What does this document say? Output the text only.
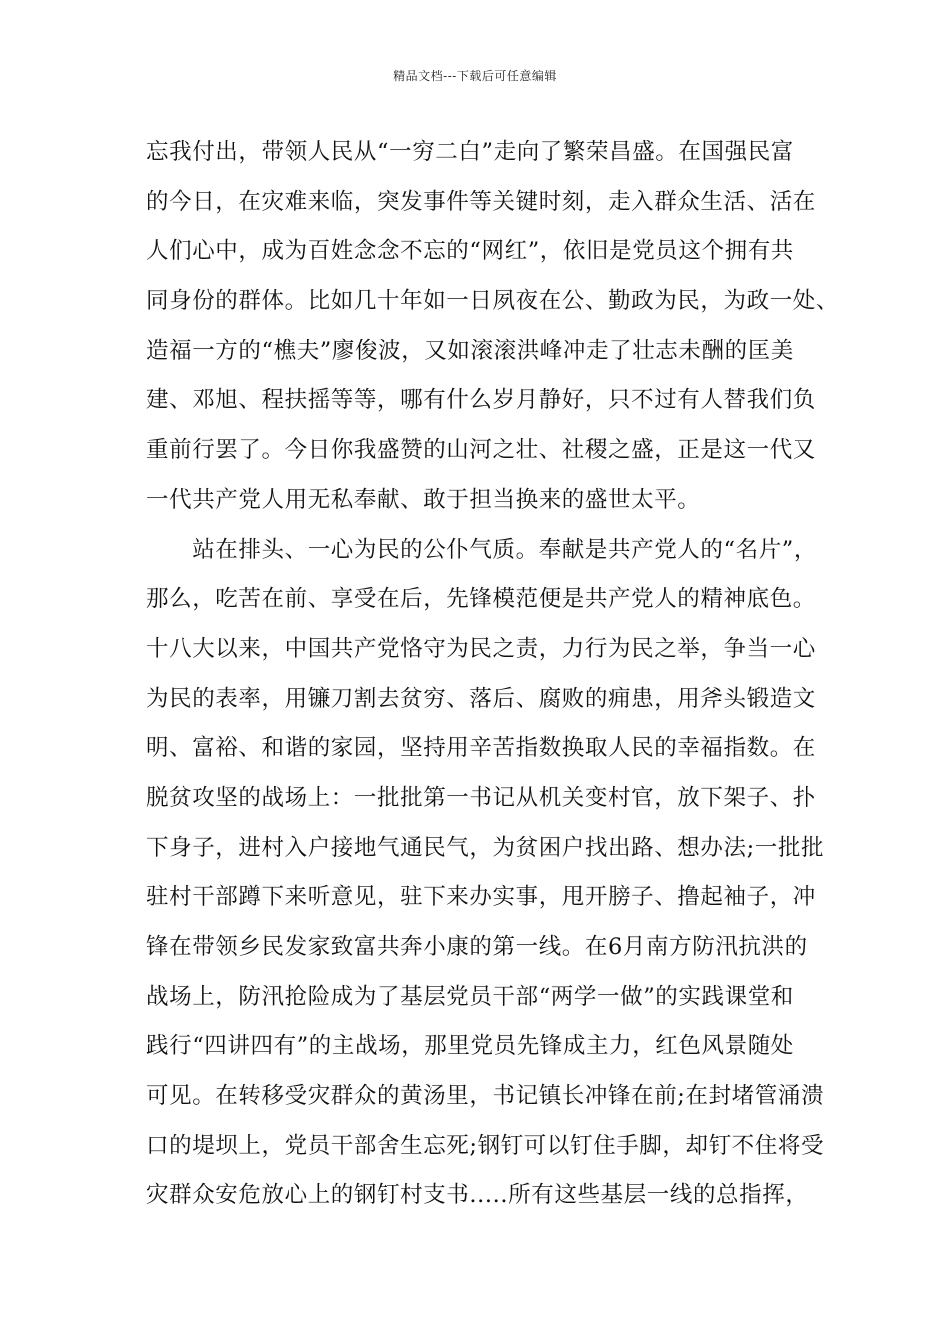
精品文档---下载后可任意编辑
忘我付出，带领人民从“一穷二白”走向了繁荣昌盛。在国强民富
的今日，在灾难来临，突发事件等关键时刻，走入群众生活、活在
人们心中，成为百姓念念不忘的“网红”，依旧是党员这个拥有共
同身份的群体。比如几十年如一日夙夜在公、勤政为民，为政一处、
造福一方的“樵夫”廖俊波，又如滚滚洪峰冲走了壮志未酬的匡美
建、邓旭、程扶摇等等，哪有什么岁月静好，只不过有人替我们负
重前行罢了。今日你我盛赞的山河之壮、社稷之盛，正是这一代又
一代共产党人用无私奉献、敢于担当换来的盛世太平。
　　站在排头、一心为民的公仆气质。奉献是共产党人的“名片”，
那么，吃苦在前、享受在后，先锋模范便是共产党人的精神底色。
十八大以来，中国共产党恪守为民之责，力行为民之举，争当一心
为民的表率，用镰刀割去贫穷、落后、腐败的痈患，用斧头锻造文
明、富裕、和谐的家园，坚持用辛苦指数换取人民的幸福指数。在
脱贫攻坚的战场上：一批批第一书记从机关变村官，放下架子、扑
下身子，进村入户接地气通民气，为贫困户找出路、想办法;一批批
驻村干部蹲下来听意见，驻下来办实事，甩开膀子、撸起袖子，冲
锋在带领乡民发家致富共奔小康的第一线。在6月南方防汛抗洪的
战场上，防汛抢险成为了基层党员干部“两学一做”的实践课堂和
践行“四讲四有”的主战场，那里党员先锋成主力，红色风景随处
可见。在转移受灾群众的黄汤里，书记镇长冲锋在前;在封堵管涌溃
口的堤坝上，党员干部舍生忘死;钢钉可以钉住手脚，却钉不住将受
灾群众安危放心上的钢钉村支书.....所有这些基层一线的总指挥，
